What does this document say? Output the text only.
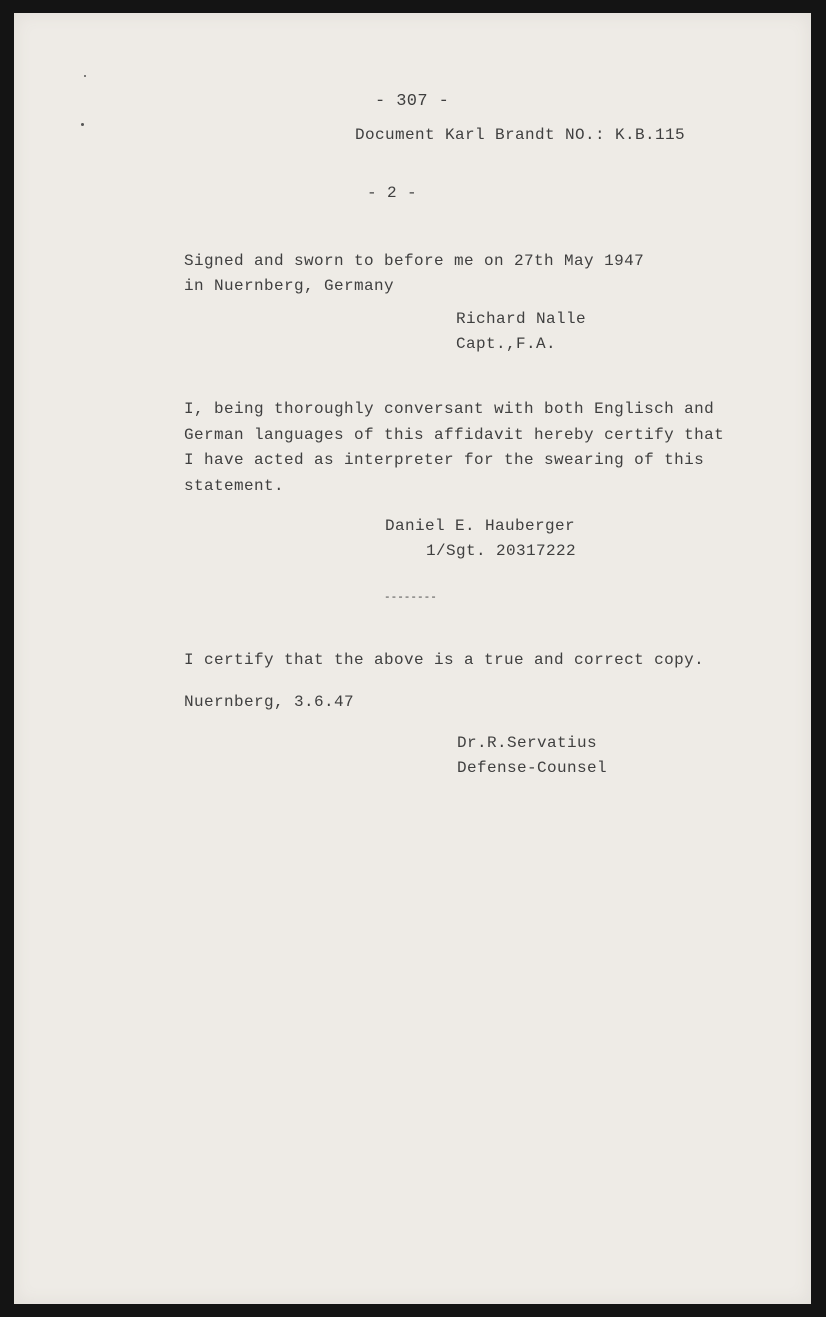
- 307 -
Document Karl Brandt NO.: K.B.115
- 2 -
Signed and sworn to before me on 27th May 1947
in Nuernberg, Germany
Richard Nalle
Capt.,F.A.
I, being thoroughly conversant with both Englisch and
German languages of this affidavit hereby certify that
I have acted as interpreter for the swearing of this
statement.
Daniel E. Hauberger
1/Sgt. 20317222
--------
I certify that the above is a true and correct copy.
Nuernberg, 3.6.47
Dr.R.Servatius
Defense-Counsel
